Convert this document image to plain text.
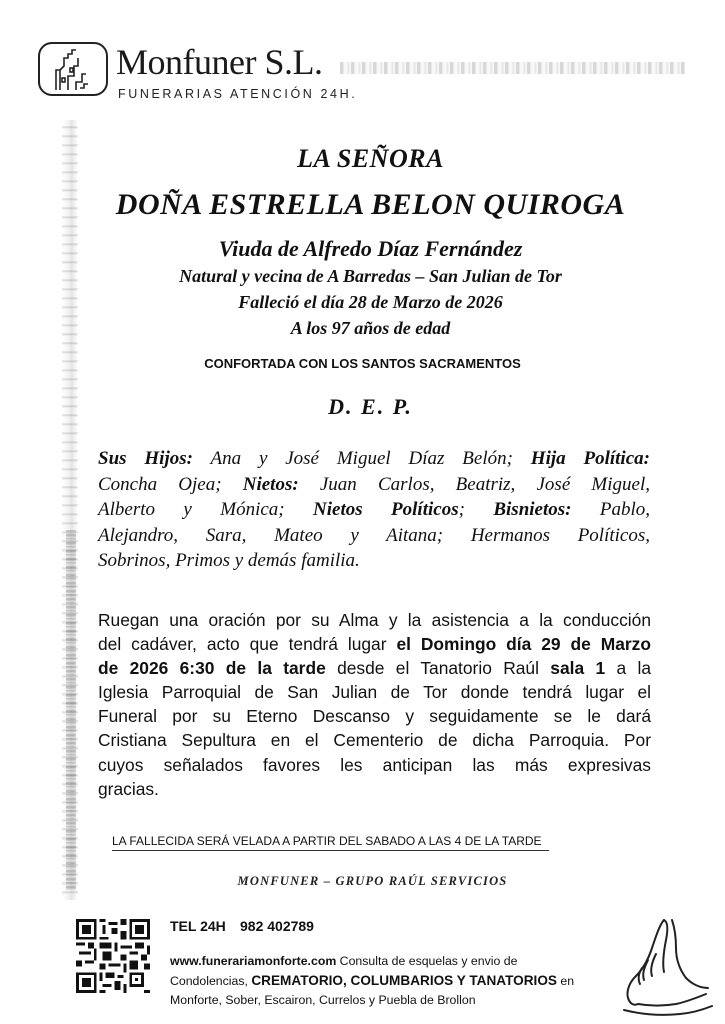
Monfuner S.L.
FUNERARIAS ATENCIÓN 24H.
LA SEÑORA
DOÑA ESTRELLA BELON QUIROGA
Viuda de Alfredo Díaz Fernández
Natural y vecina de A Barredas – San Julian de Tor
Falleció el día 28 de Marzo de 2026
A los 97 años de edad
CONFORTADA CON LOS SANTOS SACRAMENTOS
D. E. P.
Sus Hijos: Ana y José Miguel Díaz Belón; Hija Política:
Concha Ojea; Nietos: Juan Carlos, Beatriz, José Miguel,
Alberto y Mónica; Nietos Políticos; Bisnietos: Pablo,
Alejandro, Sara, Mateo y Aitana; Hermanos Políticos,
Sobrinos, Primos y demás familia.
Ruegan una oración por su Alma y la asistencia a la conducción
del cadáver, acto que tendrá lugar el Domingo día 29 de Marzo
de 2026 6:30 de la tarde desde el Tanatorio Raúl sala 1 a la
Iglesia Parroquial de San Julian de Tor donde tendrá lugar el
Funeral por su Eterno Descanso y seguidamente se le dará
Cristiana Sepultura en el Cementerio de dicha Parroquia. Por
cuyos señalados favores les anticipan las más expresivas
gracias.
LA FALLECIDA SERÁ VELADA A PARTIR DEL SABADO A LAS 4 DE LA TARDE
MONFUNER – GRUPO RAÚL SERVICIOS
TEL 24H 982 402789
www.funerariamonforte.com Consulta de esquelas y envio de
Condolencias, CREMATORIO, COLUMBARIOS Y TANATORIOS en
Monforte, Sober, Escairon, Currelos y Puebla de Brollon
